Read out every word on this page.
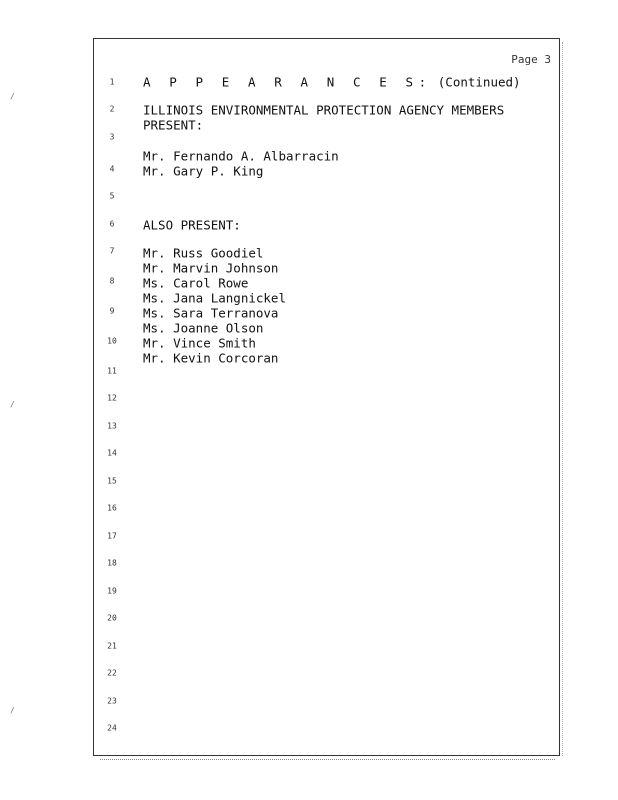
Page 3
1
2
3
4
5
6
7
8
9
10
11
12
13
14
15
16
17
18
19
20
21
22
23
24
A P P E A R A N C E S: (Continued)
ILLINOIS ENVIRONMENTAL PROTECTION AGENCY MEMBERS
PRESENT:
Mr. Fernando A. Albarracin
Mr. Gary P. King
ALSO PRESENT:
Mr. Russ Goodiel
Mr. Marvin Johnson
Ms. Carol Rowe
Ms. Jana Langnickel
Ms. Sara Terranova
Ms. Joanne Olson
Mr. Vince Smith
Mr. Kevin Corcoran
/
/
/
